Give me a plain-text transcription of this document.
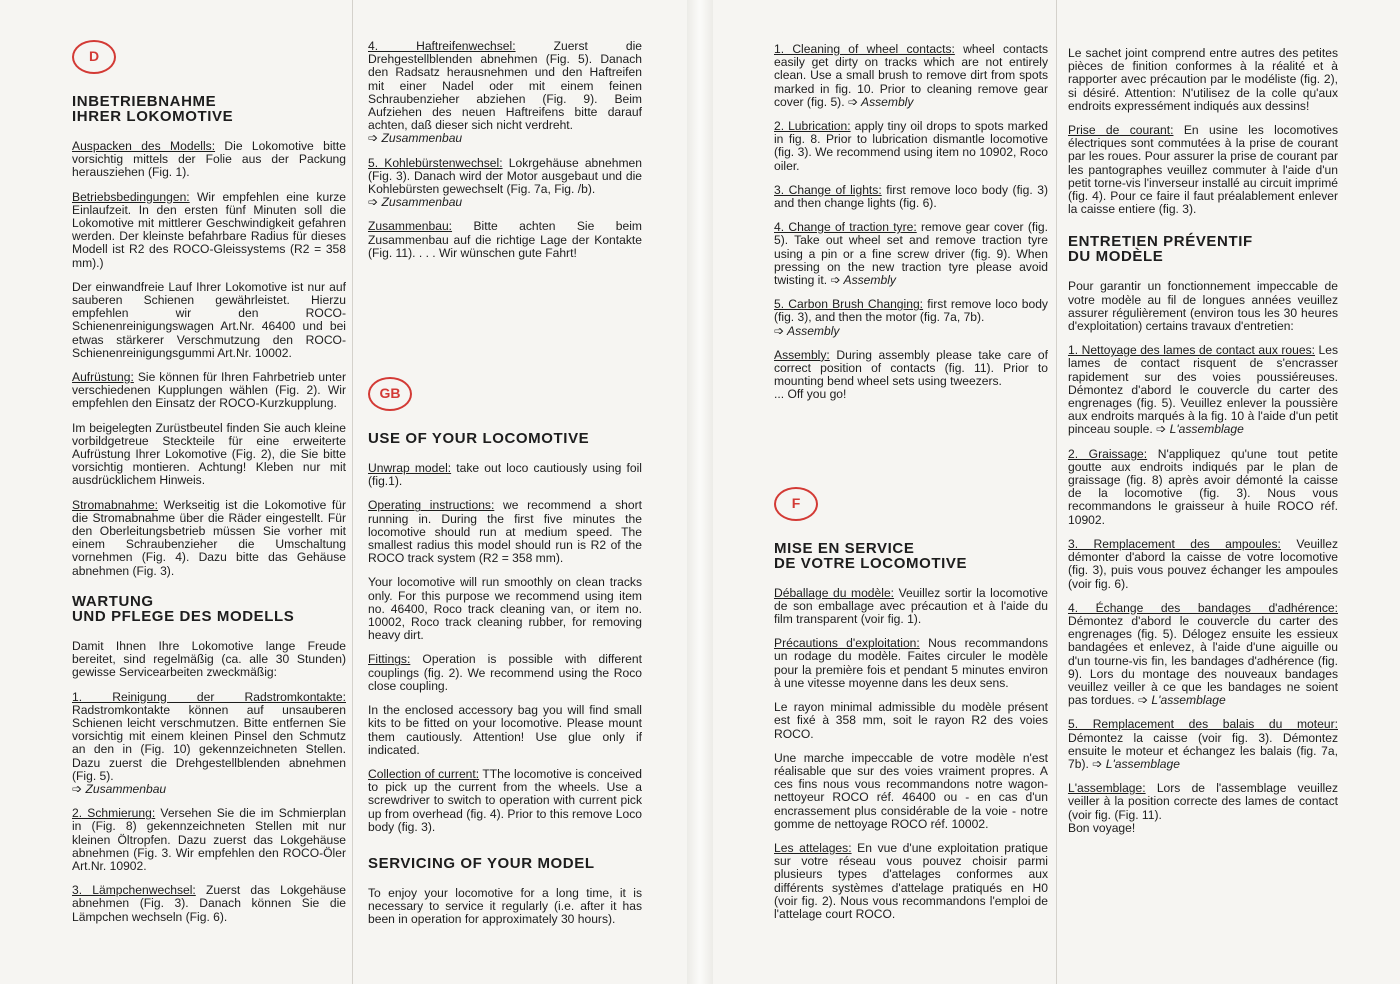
D
INBETRIEBNAHME
IHRER LOKOMOTIVE

Auspacken des Modells: Die Lokomotive bitte vorsichtig mittels der Folie aus der Packung herausziehen (Fig. 1).

Betriebsbedingungen: Wir empfehlen eine kurze Einlaufzeit. In den ersten fünf Minuten soll die Lokomotive mit mittlerer Geschwindigkeit gefahren werden. Der kleinste befahrbare Radius für dieses Modell ist R2 des ROCO-Gleissystems (R2 = 358 mm).)

Der einwandfreie Lauf Ihrer Lokomotive ist nur auf sauberen Schienen gewährleistet. Hierzu empfehlen wir den ROCO-Schienenreinigungswagen Art.Nr. 46400 und bei etwas stärkerer Verschmutzung den ROCO-Schienenreinigungsgummi Art.Nr. 10002.

Aufrüstung: Sie können für Ihren Fahrbetrieb unter verschiedenen Kupplungen wählen (Fig. 2). Wir empfehlen den Einsatz der ROCO-Kurzkupplung.

Im beigelegten Zurüstbeutel finden Sie auch kleine vorbildgetreue Steckteile für eine erweiterte Aufrüstung Ihrer Lokomotive (Fig. 2), die Sie bitte vorsichtig montieren. Achtung! Kleben nur mit ausdrücklichem Hinweis.

Stromabnahme: Werkseitig ist die Lokomotive für die Stromabnahme über die Räder eingestellt. Für den Oberleitungsbetrieb müssen Sie vorher mit einem Schraubenzieher die Umschaltung vornehmen (Fig. 4). Dazu bitte das Gehäuse abnehmen (Fig. 3).

WARTUNG
UND PFLEGE DES MODELLS

Damit Ihnen Ihre Lokomotive lange Freude bereitet, sind regelmäßig (ca. alle 30 Stunden) gewisse Servicearbeiten zweckmäßig:

1. Reinigung der Radstromkontakte: Radstromkontakte können auf unsauberen Schienen leicht verschmutzen. Bitte entfernen Sie vorsichtig mit einem kleinen Pinsel den Schmutz an den in (Fig. 10) gekennzeichneten Stellen. Dazu zuerst die Drehgestellblenden abnehmen (Fig. 5).
➩ Zusammenbau

2. Schmierung: Versehen Sie die im Schmierplan in (Fig. 8) gekennzeichneten Stellen mit nur kleinen Öltropfen. Dazu zuerst das Lokgehäuse abnehmen (Fig. 3. Wir empfehlen den ROCO-Öler Art.Nr. 10902.

3. Lämpchenwechsel: Zuerst das Lokgehäuse abnehmen (Fig. 3). Danach können Sie die Lämpchen wechseln (Fig. 6).

4. Haftreifenwechsel: Zuerst die Drehgestellblenden abnehmen (Fig. 5). Danach den Radsatz herausnehmen und den Haftreifen mit einer Nadel oder mit einem feinen Schraubenzieher abziehen (Fig. 9). Beim Aufziehen des neuen Haftreifens bitte darauf achten, daß dieser sich nicht verdreht.
➩ Zusammenbau

5. Kohlebürstenwechsel: Lokrgehäuse abnehmen (Fig. 3). Danach wird der Motor ausgebaut und die Kohlebürsten gewechselt (Fig. 7a, Fig. /b).
➩ Zusammenbau

Zusammenbau: Bitte achten Sie beim Zusammenbau auf die richtige Lage der Kontakte (Fig. 11). . . . Wir wünschen gute Fahrt!

GB
USE OF YOUR LOCOMOTIVE

Unwrap model: take out loco cautiously using foil (fig.1).

Operating instructions: we recommend a short running in. During the first five minutes the locomotive should run at medium speed. The smallest radius this model should run is R2 of the ROCO track system (R2 = 358 mm).

Your locomotive will run smoothly on clean tracks only. For this purpose we recommend using item no. 46400, Roco track cleaning van, or item no. 10002, Roco track cleaning rubber, for removing heavy dirt.

Fittings: Operation is possible with different couplings (fig. 2). We recommend using the Roco close coupling.

In the enclosed accessory bag you will find small kits to be fitted on your locomotive. Please mount them cautiously. Attention! Use glue only if indicated.

Collection of current: TThe locomotive is conceived to pick up the current from the wheels. Use a screwdriver to switch to operation with current pick up from overhead (fig. 4). Prior to this remove Loco body (fig. 3).

SERVICING OF YOUR MODEL

To enjoy your locomotive for a long time, it is necessary to service it regularly (i.e. after it has been in operation for approximately 30 hours).

1. Cleaning of wheel contacts: wheel contacts easily get dirty on tracks which are not entirely clean. Use a small brush to remove dirt from spots marked in fig. 10. Prior to cleaning remove gear cover (fig. 5). ➩ Assembly

2. Lubrication: apply tiny oil drops to spots marked in fig. 8. Prior to lubrication dismantle locomotive (fig. 3). We recommend using item no 10902, Roco oiler.

3. Change of lights: first remove loco body (fig. 3) and then change lights (fig. 6).

4. Change of traction tyre: remove gear cover (fig. 5). Take out wheel set and remove traction tyre using a pin or a fine screw driver (fig. 9). When pressing on the new traction tyre please avoid twisting it. ➩ Assembly

5. Carbon Brush Changing: first remove loco body (fig. 3), and then the motor (fig. 7a, 7b).
➩ Assembly

Assembly: During assembly please take care of correct position of contacts (fig. 11). Prior to mounting bend wheel sets using tweezers.
... Off you go!

F
MISE EN SERVICE
DE VOTRE LOCOMOTIVE

Déballage du modèle: Veuillez sortir la locomotive de son emballage avec précaution et à l'aide du film transparent (voir fig. 1).

Précautions d'exploitation: Nous recommandons un rodage du modèle. Faites circuler le modèle pour la première fois et pendant 5 minutes environ à une vitesse moyenne dans les deux sens.

Le rayon minimal admissible du modèle présent est fixé à 358 mm, soit le rayon R2 des voies ROCO.

Une marche impeccable de votre modèle n'est réalisable que sur des voies vraiment propres. A ces fins nous vous recommandons notre wagon-nettoyeur ROCO réf. 46400 ou - en cas d'un encrassement plus considérable de la voie - notre gomme de nettoyage ROCO réf. 10002.

Les attelages: En vue d'une exploitation pratique sur votre réseau vous pouvez choisir parmi plusieurs types d'attelages conformes aux différents systèmes d'attelage pratiqués en H0 (voir fig. 2). Nous vous recommandons l'emploi de l'attelage court ROCO.

Le sachet joint comprend entre autres des petites pièces de finition conformes à la réalité et à rapporter avec précaution par le modéliste (fig. 2), si désiré. Attention: N'utilisez de la colle qu'aux endroits expressément indiqués aux dessins!

Prise de courant: En usine les locomotives électriques sont commutées à la prise de courant par les roues. Pour assurer la prise de courant par les pantographes veuillez commuter à l'aide d'un petit torne-vis l'inverseur installé au circuit imprimé (fig. 4). Pour ce faire il faut préalablement enlever la caisse entiere (fig. 3).

ENTRETIEN PRÉVENTIF
DU MODÈLE

Pour garantir un fonctionnement impeccable de votre modèle au fil de longues années veuillez assurer régulièrement (environ tous les 30 heures d'exploitation) certains travaux d'entretien:

1. Nettoyage des lames de contact aux roues: Les lames de contact risquent de s'encrasser rapidement sur des voies poussiéreuses. Démontez d'abord le couvercle du carter des engrenages (fig. 5). Veuillez enlever la poussière aux endroits marqués à la fig. 10 à l'aide d'un petit pinceau souple. ➩ L'assemblage

2. Graissage: N'appliquez qu'une tout petite goutte aux endroits indiqués par le plan de graissage (fig. 8) après avoir démonté la caisse de la locomotive (fig. 3). Nous vous recommandons le graisseur à huile ROCO réf. 10902.

3. Remplacement des ampoules: Veuillez démonter d'abord la caisse de votre locomotive (fig. 3), puis vous pouvez échanger les ampoules (voir fig. 6).

4. Échange des bandages d'adhérence: Démontez d'abord le couvercle du carter des engrenages (fig. 5). Délogez ensuite les essieux bandagées et enlevez, à l'aide d'une aiguille ou d'un tourne-vis fin, les bandages d'adhérence (fig. 9). Lors du montage des nouveaux bandages veuillez veiller à ce que les bandages ne soient pas tordues. ➩ L'assemblage

5. Remplacement des balais du moteur: Démontez la caisse (voir fig. 3). Démontez ensuite le moteur et échangez les balais (fig. 7a, 7b). ➩ L'assemblage

L'assemblage: Lors de l'assemblage veuillez veiller à la position correcte des lames de contact (voir fig. (Fig. 11).
Bon voyage!
